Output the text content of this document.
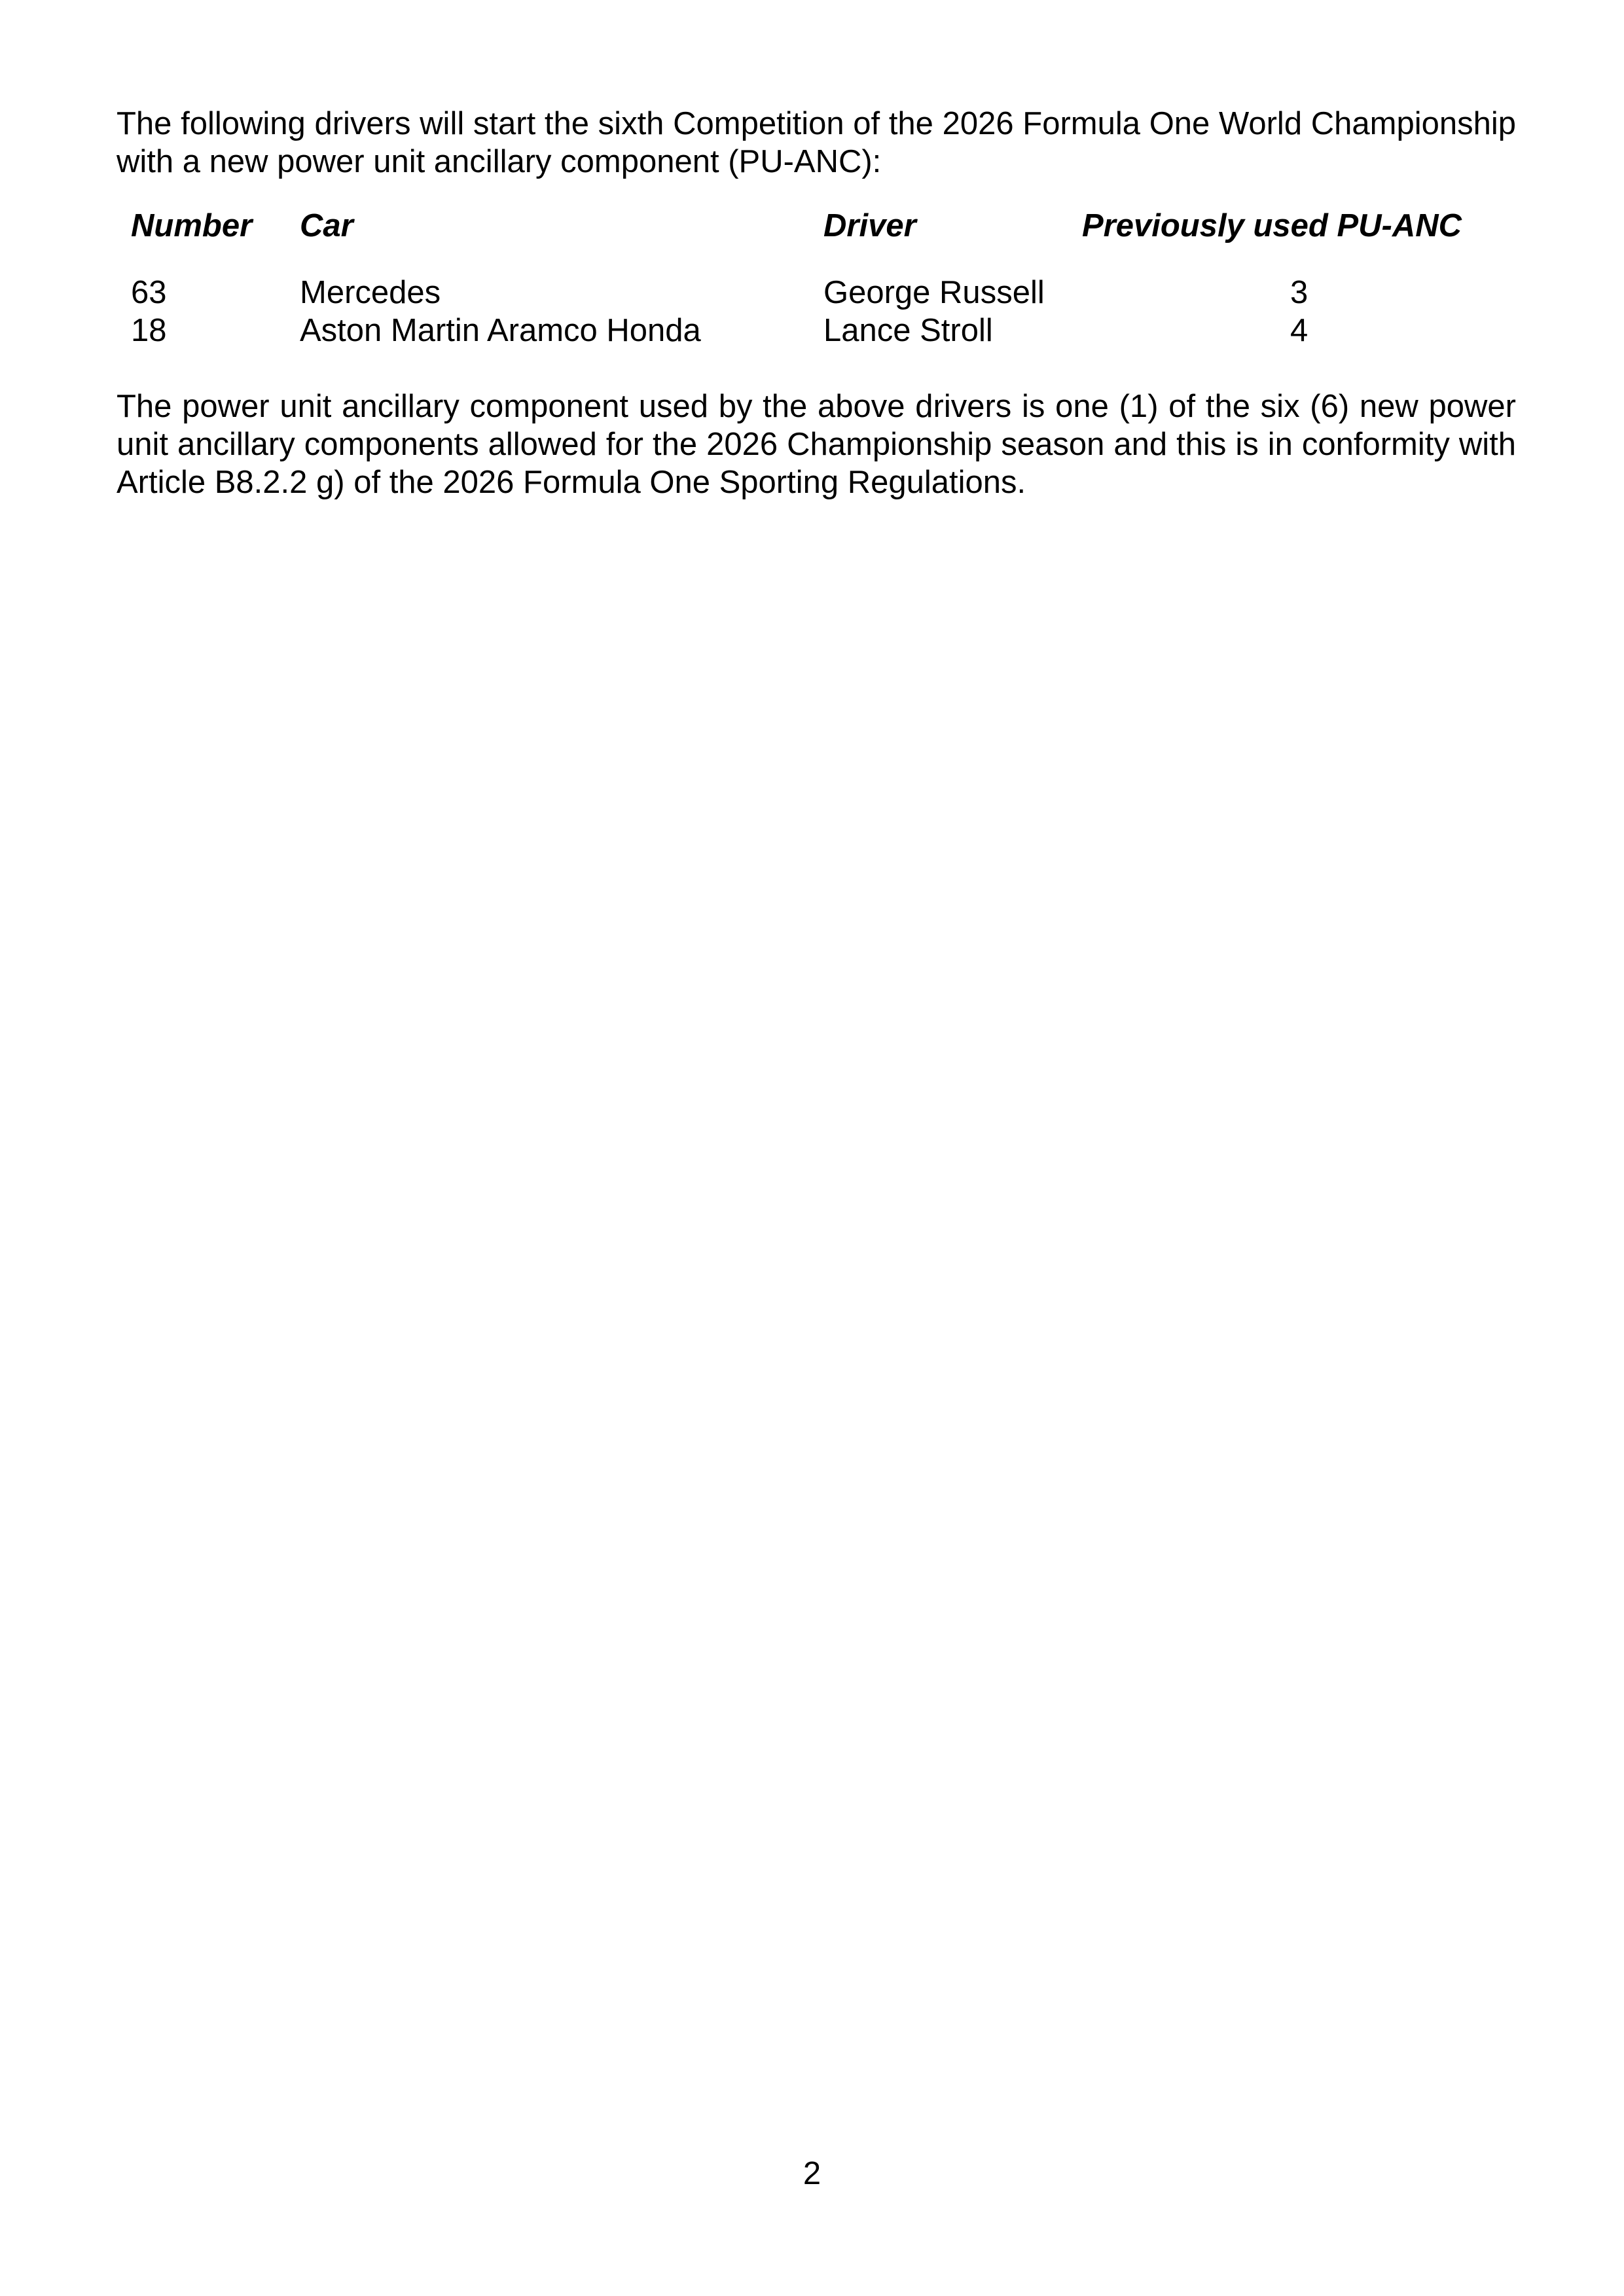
The following drivers will start the sixth Competition of the 2026 Formula One World Championship with a new power unit ancillary component (PU-ANC):

Number	Car	Driver	Previously used PU-ANC
63	Mercedes	George Russell	3
18	Aston Martin Aramco Honda	Lance Stroll	4

The power unit ancillary component used by the above drivers is one (1) of the six (6) new power unit ancillary components allowed for the 2026 Championship season and this is in conformity with Article B8.2.2 g) of the 2026 Formula One Sporting Regulations.

2
